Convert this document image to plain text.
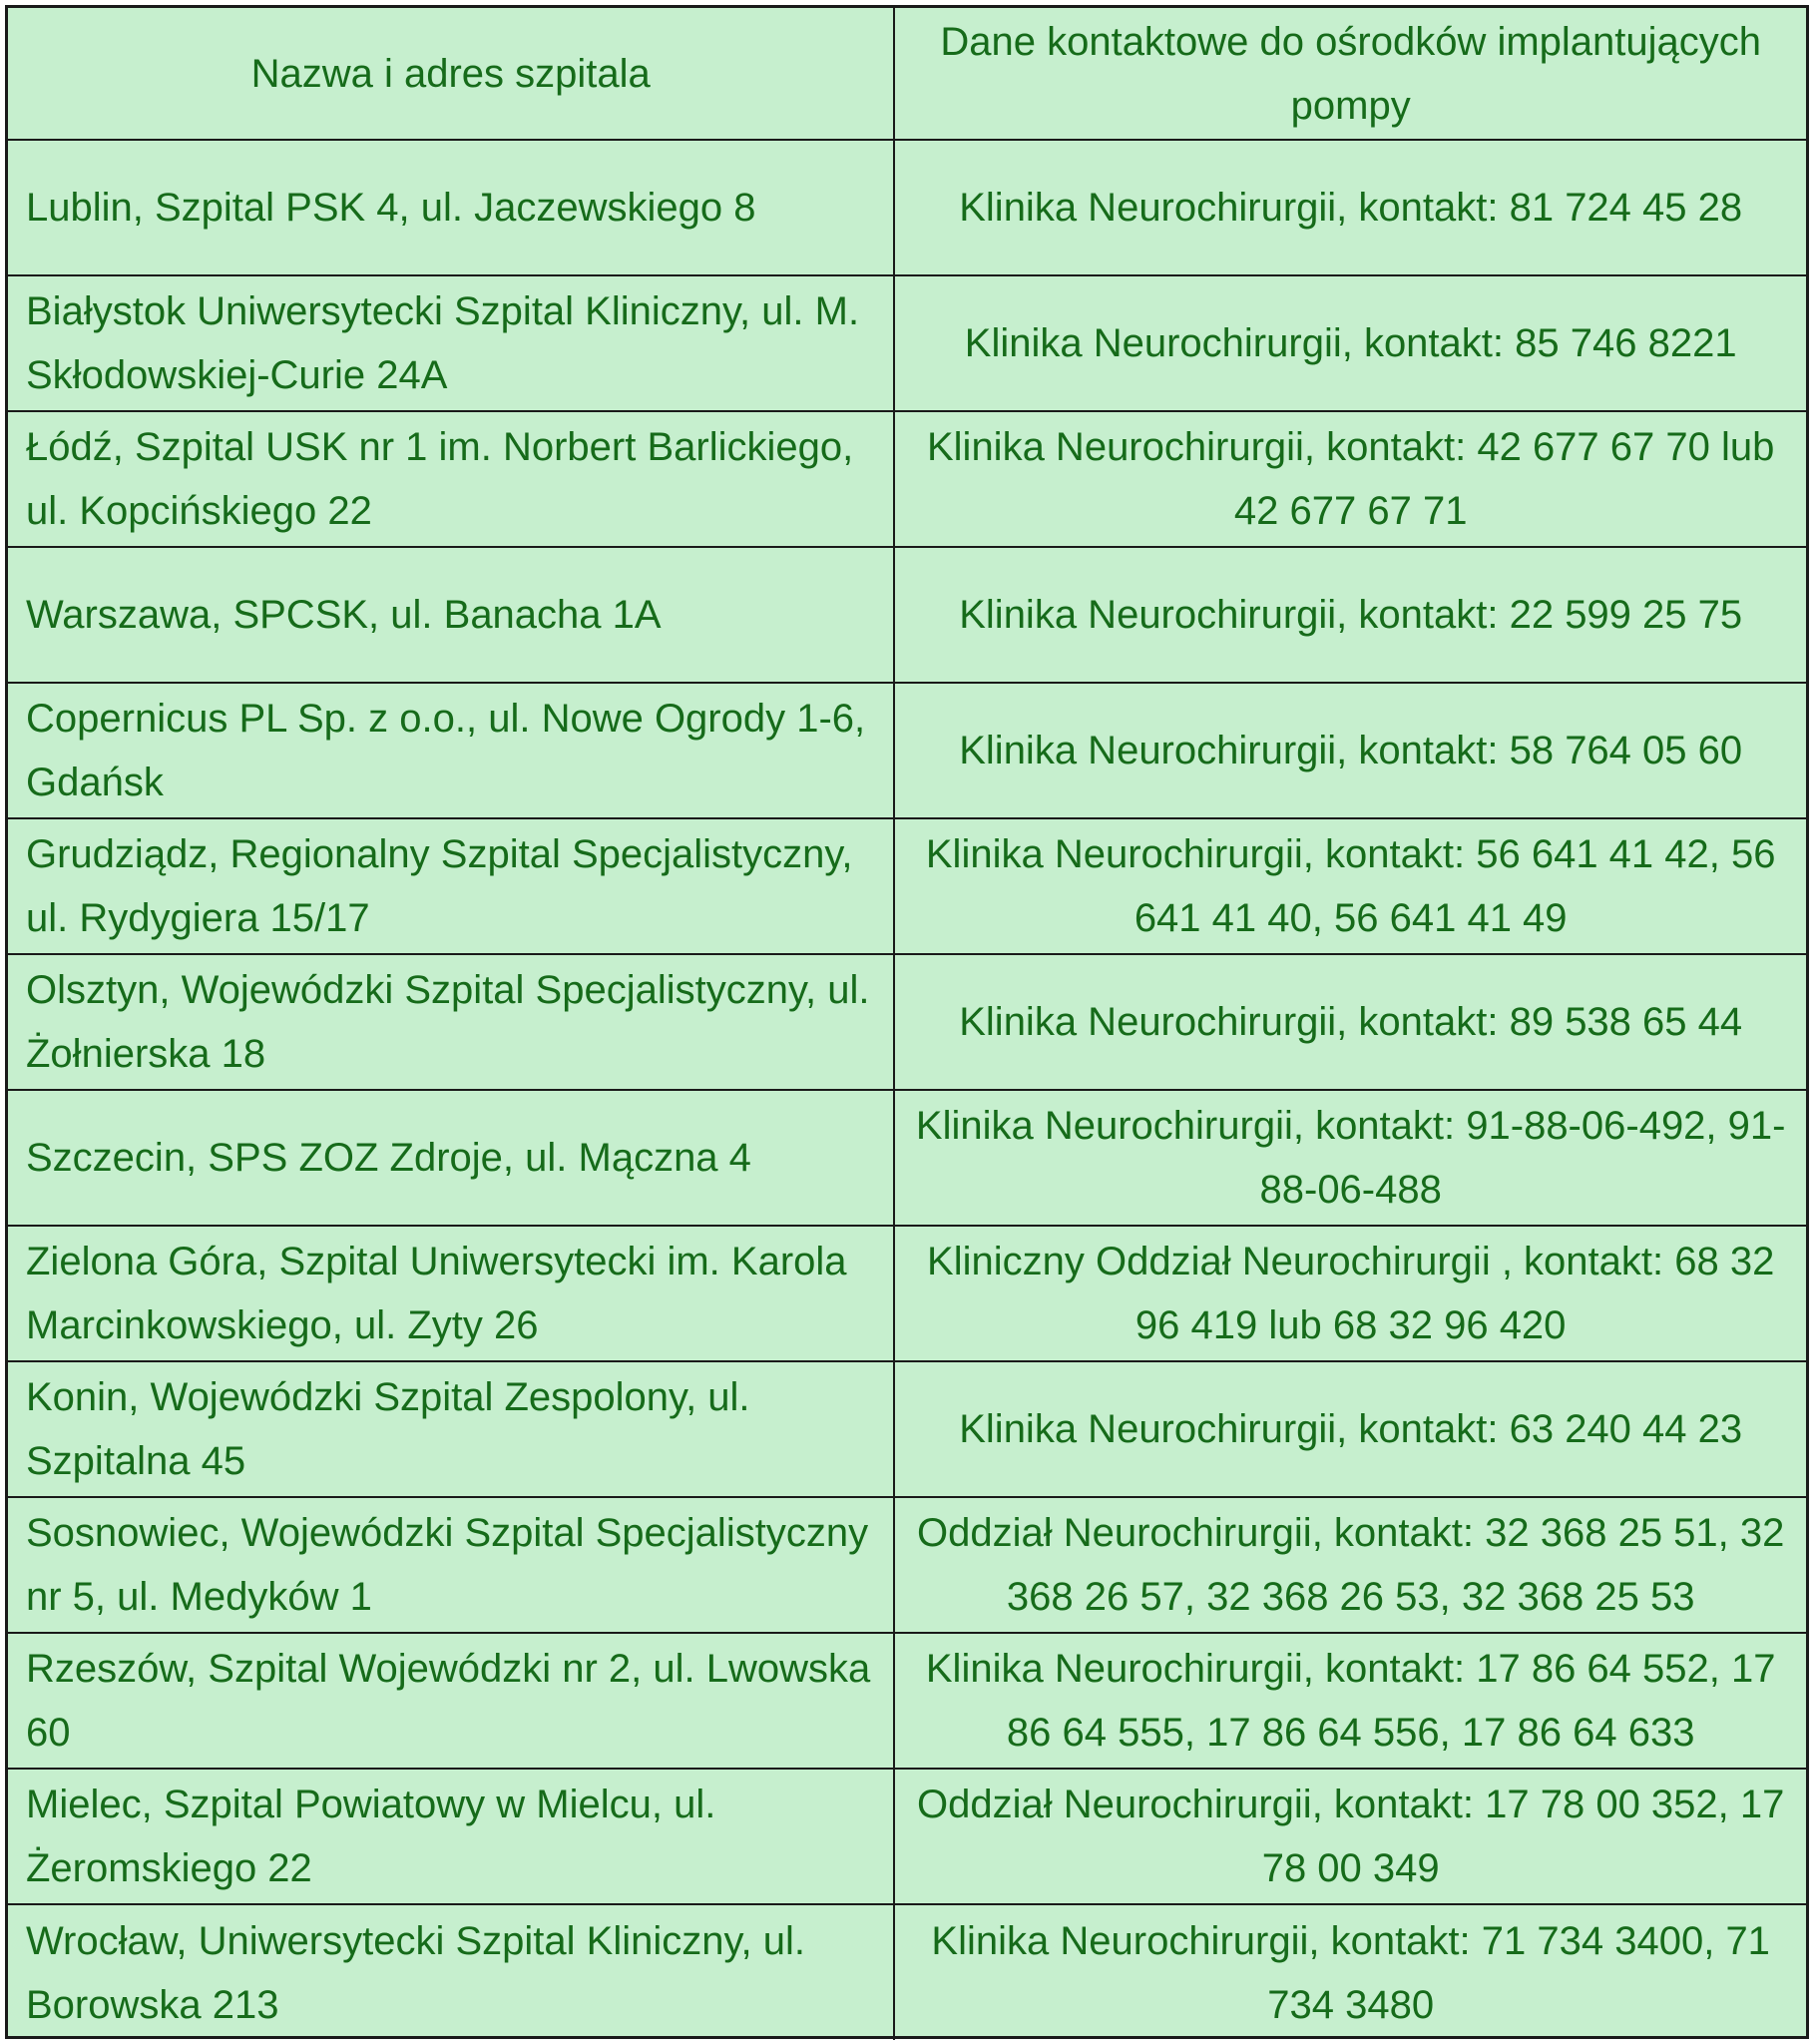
Nazwa i adres szpitala	Dane kontaktowe do ośrodków implantujących pompy
Lublin, Szpital PSK 4, ul. Jaczewskiego 8	Klinika Neurochirurgii, kontakt: 81 724 45 28
Białystok Uniwersytecki Szpital Kliniczny, ul. M. Skłodowskiej-Curie 24A	Klinika Neurochirurgii, kontakt: 85 746 8221
Łódź, Szpital USK nr 1 im. Norbert Barlickiego, ul. Kopcińskiego 22	Klinika Neurochirurgii, kontakt: 42 677 67 70 lub 42 677 67 71
Warszawa, SPCSK, ul. Banacha 1A	Klinika Neurochirurgii, kontakt: 22 599 25 75
Copernicus PL Sp. z o.o., ul. Nowe Ogrody 1-6, Gdańsk	Klinika Neurochirurgii, kontakt: 58 764 05 60
Grudziądz, Regionalny Szpital Specjalistyczny, ul. Rydygiera 15/17	Klinika Neurochirurgii, kontakt: 56 641 41 42, 56 641 41 40, 56 641 41 49
Olsztyn, Wojewódzki Szpital Specjalistyczny, ul. Żołnierska 18	Klinika Neurochirurgii, kontakt: 89 538 65 44
Szczecin, SPS ZOZ Zdroje, ul. Mączna 4	Klinika Neurochirurgii, kontakt: 91-88-06-492, 91-88-06-488
Zielona Góra, Szpital Uniwersytecki im. Karola Marcinkowskiego, ul. Zyty 26	Kliniczny Oddział Neurochirurgii , kontakt: 68 32 96 419 lub 68 32 96 420
Konin, Wojewódzki Szpital Zespolony, ul. Szpitalna 45	Klinika Neurochirurgii, kontakt: 63 240 44 23
Sosnowiec, Wojewódzki Szpital Specjalistyczny nr 5, ul. Medyków 1	Oddział Neurochirurgii, kontakt: 32 368 25 51, 32 368 26 57, 32 368 26 53, 32 368 25 53
Rzeszów, Szpital Wojewódzki nr 2, ul. Lwowska 60	Klinika Neurochirurgii, kontakt: 17 86 64 552, 17 86 64 555, 17 86 64 556, 17 86 64 633
Mielec, Szpital Powiatowy w Mielcu, ul. Żeromskiego 22	Oddział Neurochirurgii, kontakt: 17 78 00 352, 17 78 00 349
Wrocław, Uniwersytecki Szpital Kliniczny, ul. Borowska 213	Klinika Neurochirurgii, kontakt: 71 734 3400, 71 734 3480
